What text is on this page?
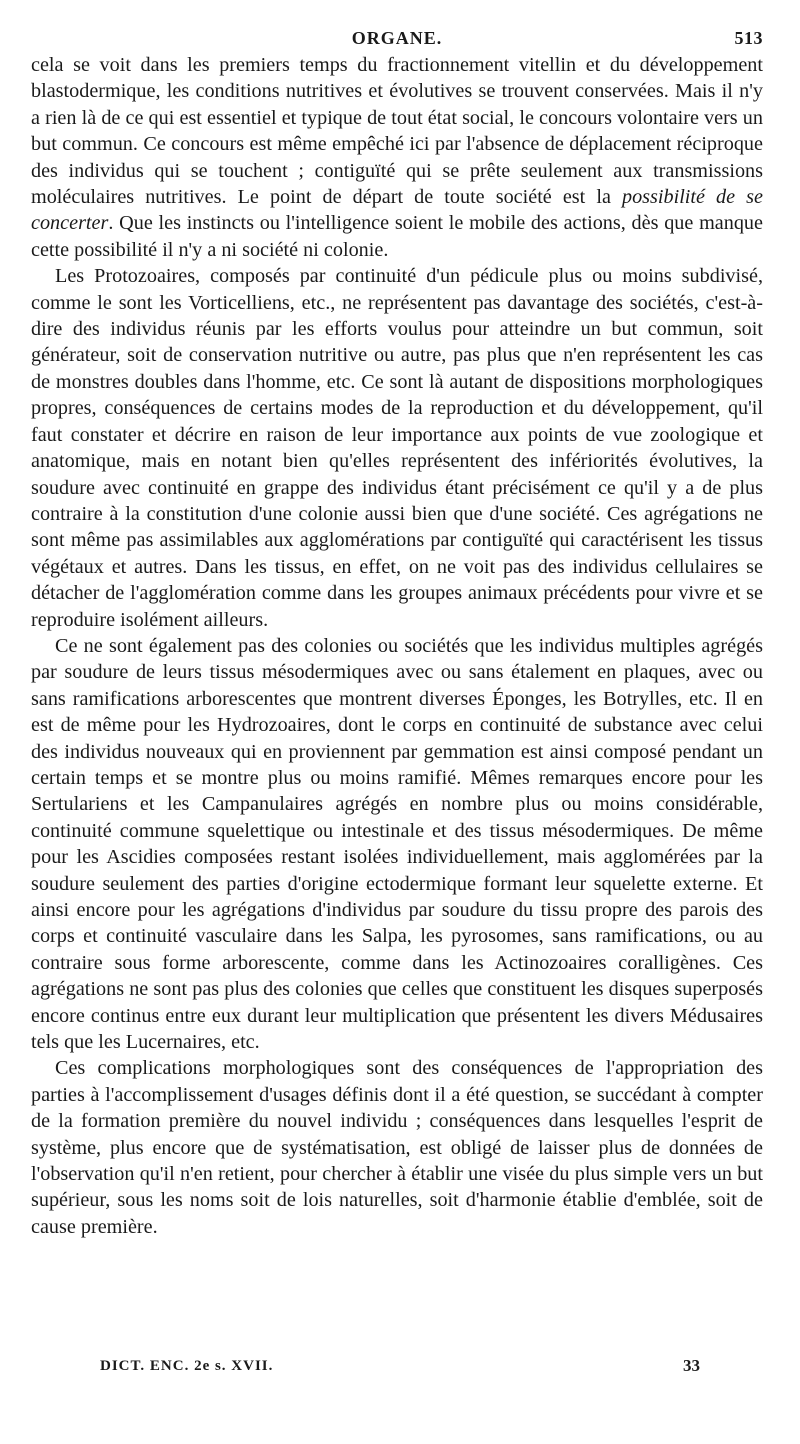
ORGANE.	513

cela se voit dans les premiers temps du fractionnement vitellin et du développement blastodermique, les conditions nutritives et évolutives se trouvent conservées. Mais il n'y a rien là de ce qui est essentiel et typique de tout état social, le concours volontaire vers un but commun. Ce concours est même empêché ici par l'absence de déplacement réciproque des individus qui se touchent ; contiguïté qui se prête seulement aux transmissions moléculaires nutritives. Le point de départ de toute société est la possibilité de se concerter. Que les instincts ou l'intelligence soient le mobile des actions, dès que manque cette possibilité il n'y a ni société ni colonie.

Les Protozoaires, composés par continuité d'un pédicule plus ou moins subdivisé, comme le sont les Vorticelliens, etc., ne représentent pas davantage des sociétés, c'est-à-dire des individus réunis par les efforts voulus pour atteindre un but commun, soit générateur, soit de conservation nutritive ou autre, pas plus que n'en représentent les cas de monstres doubles dans l'homme, etc. Ce sont là autant de dispositions morphologiques propres, conséquences de certains modes de la reproduction et du développement, qu'il faut constater et décrire en raison de leur importance aux points de vue zoologique et anatomique, mais en notant bien qu'elles représentent des infériorités évolutives, la soudure avec continuité en grappe des individus étant précisément ce qu'il y a de plus contraire à la constitution d'une colonie aussi bien que d'une société. Ces agrégations ne sont même pas assimilables aux agglomérations par contiguïté qui caractérisent les tissus végétaux et autres. Dans les tissus, en effet, on ne voit pas des individus cellulaires se détacher de l'agglomération comme dans les groupes animaux précédents pour vivre et se reproduire isolément ailleurs.

Ce ne sont également pas des colonies ou sociétés que les individus multiples agrégés par soudure de leurs tissus mésodermiques avec ou sans étalement en plaques, avec ou sans ramifications arborescentes que montrent diverses Éponges, les Botrylles, etc. Il en est de même pour les Hydrozoaires, dont le corps en continuité de substance avec celui des individus nouveaux qui en proviennent par gemmation est ainsi composé pendant un certain temps et se montre plus ou moins ramifié. Mêmes remarques encore pour les Sertulariens et les Campanulaires agrégés en nombre plus ou moins considérable, continuité commune squelettique ou intestinale et des tissus mésodermiques. De même pour les Ascidies composées restant isolées individuellement, mais agglomérées par la soudure seulement des parties d'origine ectodermique formant leur squelette externe. Et ainsi encore pour les agrégations d'individus par soudure du tissu propre des parois des corps et continuité vasculaire dans les Salpa, les pyrosomes, sans ramifications, ou au contraire sous forme arborescente, comme dans les Actinozoaires coralligènes. Ces agrégations ne sont pas plus des colonies que celles que constituent les disques superposés encore continus entre eux durant leur multiplication que présentent les divers Médusaires tels que les Lucernaires, etc.

Ces complications morphologiques sont des conséquences de l'appropriation des parties à l'accomplissement d'usages définis dont il a été question, se succédant à compter de la formation première du nouvel individu ; conséquences dans lesquelles l'esprit de système, plus encore que de systématisation, est obligé de laisser plus de données de l'observation qu'il n'en retient, pour chercher à établir une visée du plus simple vers un but supérieur, sous les noms soit de lois naturelles, soit d'harmonie établie d'emblée, soit de cause première.

DICT. ENC. 2e s. XVII.	33
